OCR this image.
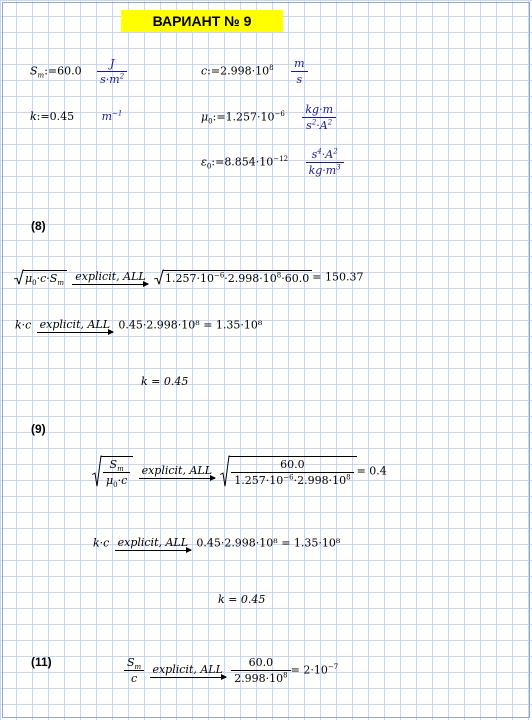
ВАРИАНТ № 9
$S_m:=60.0 \frac{J}{s\cdot m^2}$	$c:=2.998\cdot 10^8 \frac{m}{s}$
k:=0.45	$m^{-1}$	$\mu_0:=1.257\cdot 10^{-6} \frac{kg\cdot m}{s^2\cdot A^2}$
$\varepsilon_0:=8.854\cdot 10^{-12} \frac{s^4\cdot A^2}{kg\cdot m^3}$
(8)
$\mu_0\cdot c\cdot S_m$
explicit, ALL
$1.257\cdot 10^{-6}\cdot 2.998\cdot 10^8\cdot 60.0 = 150.37$
k·c explicit, ALL 0.45·2.998·10⁸ = 1.35·10⁸
k = 0.45
(9)
$\frac{S_m}{\mu_0\cdot c}$
explicit, ALL
$\frac{60.0}{1.257\cdot 10^{-6}\cdot 2.998\cdot 10^8} = 0.4$
k·c explicit, ALL 0.45·2.998·10⁸ = 1.35·10⁸
k = 0.45
(11)	$\frac{S_m}{c}$
explicit, ALL
$\frac{60.0}{2.998\cdot 10^8} = 2\cdot 10^{-7}$
